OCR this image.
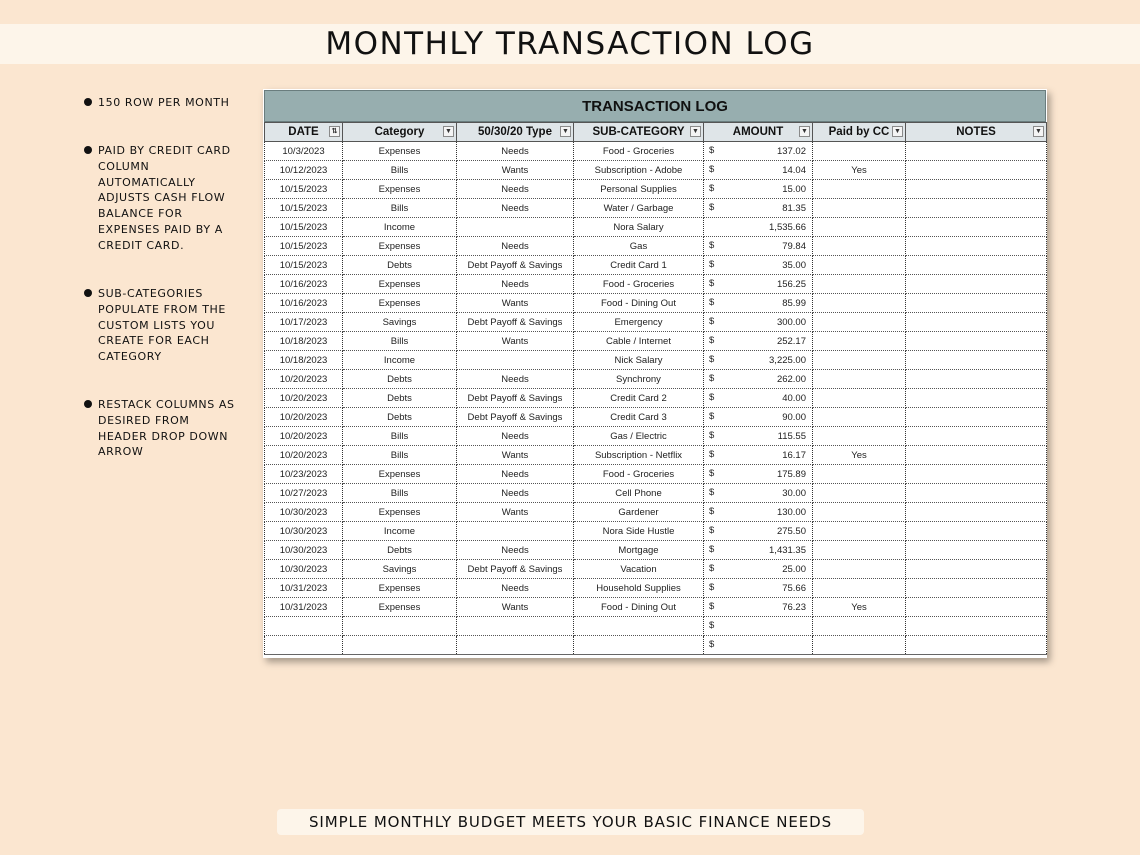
MONTHLY TRANSACTION LOG
150 ROW PER MONTH
PAID BY CREDIT CARD COLUMN AUTOMATICALLY ADJUSTS CASH FLOW BALANCE FOR EXPENSES PAID BY A CREDIT CARD.
SUB-CATEGORIES POPULATE FROM THE CUSTOM LISTS YOU CREATE FOR EACH CATEGORY
RESTACK COLUMNS AS DESIRED FROM HEADER DROP DOWN ARROW
TRANSACTION LOG
DATE ⇅	Category ▼	50/30/20 Type ▼	SUB-CATEGORY ▼	AMOUNT ▼	Paid by CC ▼	NOTES ▼

10/3/2023	Expenses	Needs	Food - Groceries	$ 137.02		
10/12/2023	Bills	Wants	Subscription - Adobe	$ 14.04	Yes	
10/15/2023	Expenses	Needs	Personal Supplies	$ 15.00		
10/15/2023	Bills	Needs	Water / Garbage	$ 81.35		
10/15/2023	Income		Nora Salary	1,535.66		
10/15/2023	Expenses	Needs	Gas	$ 79.84		
10/15/2023	Debts	Debt Payoff & Savings	Credit Card 1	$ 35.00		
10/16/2023	Expenses	Needs	Food - Groceries	$ 156.25		
10/16/2023	Expenses	Wants	Food - Dining Out	$ 85.99		
10/17/2023	Savings	Debt Payoff & Savings	Emergency	$ 300.00		
10/18/2023	Bills	Wants	Cable / Internet	$ 252.17		
10/18/2023	Income		Nick Salary	$ 3,225.00		
10/20/2023	Debts	Needs	Synchrony	$ 262.00		
10/20/2023	Debts	Debt Payoff & Savings	Credit Card 2	$ 40.00		
10/20/2023	Debts	Debt Payoff & Savings	Credit Card 3	$ 90.00		
10/20/2023	Bills	Needs	Gas / Electric	$ 115.55		
10/20/2023	Bills	Wants	Subscription - Netflix	$ 16.17	Yes	
10/23/2023	Expenses	Needs	Food - Groceries	$ 175.89		
10/27/2023	Bills	Needs	Cell Phone	$ 30.00		
10/30/2023	Expenses	Wants	Gardener	$ 130.00		
10/30/2023	Income		Nora Side Hustle	$ 275.50		
10/30/2023	Debts	Needs	Mortgage	$ 1,431.35		
10/30/2023	Savings	Debt Payoff & Savings	Vacation	$ 25.00		
10/31/2023	Expenses	Needs	Household Supplies	$ 75.66		
10/31/2023	Expenses	Wants	Food - Dining Out	$ 76.23	Yes	

				$		

				$		

SIMPLE MONTHLY BUDGET MEETS YOUR BASIC FINANCE NEEDS
